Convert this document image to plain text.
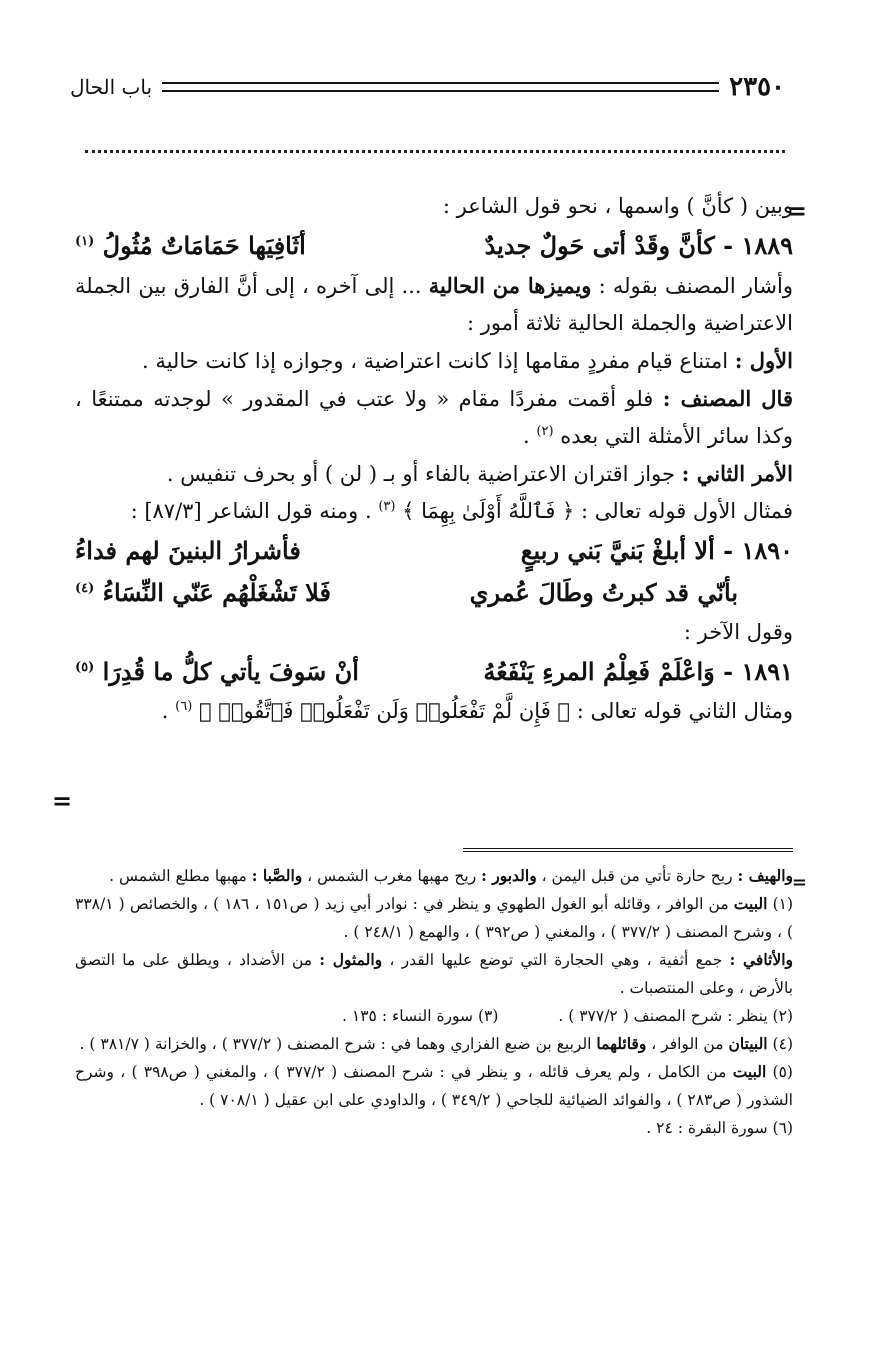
٢٣٥٠
باب الحال
=
=
=

وبين ( كأنَّ ) واسمها ، نحو قول الشاعر :

١٨٨٩ - كأنَّ وقَدْ أتى حَولٌ جديدٌ
أثَافِيَها حَمَامَاتٌ مُثُولُ $^{(١)}$

وأشار المصنف بقوله : ويميزها من الحالية ... إلى آخره ، إلى أنَّ الفارق بين الجملة الاعتراضية والجملة الحالية ثلاثة أمور :

الأول : امتناع قيام مفردٍ مقامها إذا كانت اعتراضية ، وجوازه إذا كانت حالية .

قال المصنف : فلو أقمت مفردًا مقام « ولا عتب في المقدور » لوجدته ممتنعًا ، وكذا سائر الأمثلة التي بعده $^{(٢)}$ .

الأمر الثاني : جواز اقتران الاعتراضية بالفاء أو بـ ( لن ) أو بحرف تنفيس .

فمثال الأول قوله تعالى : ﴿ فَٱللَّهُ أَوْلَىٰ بِهِمَا ﴾ $^{(٣)}$ . ومنه قول الشاعر [٨٧/٣] :

١٨٩٠ - ألا أبلغْ بَنيَّ بَني ربيعٍ
فأشرارُ البنينَ لهم فداءُ
بأنّي قد كبرتُ وطَالَ عُمري
فَلا تَشْغَلْهُم عَنّي النِّسَاءُ $^{(٤)}$

وقول الآخر :

١٨٩١ - وَاعْلَمْ فَعِلْمُ المرءِ يَنْفَعُهُ
أنْ سَوفَ يأتي كلُّ ما قُدِرَا $^{(٥)}$

ومثال الثاني قوله تعالى : ﴿ فَإِن لَّمْ تَفْعَلُوا۟ وَلَن تَفْعَلُوا۟ فَٱتَّقُوا۟ ﴾ $^{(٦)}$ .

والهيف : ريح حارة تأتي من قبل اليمن ، والدبور : ريح مهبها مغرب الشمس ، والصَّبا : مهبها مطلع الشمس .

(١) البيت من الوافر ، وقائله أبو الغول الطهوي و ينظر في : نوادر أبي زيد ( ص١٥١ ، ١٨٦ ) ، والخصائص ( ٣٣٨/١ ) ، وشرح المصنف ( ٣٧٧/٢ ) ، والمغني ( ص٣٩٢ ) ، والهمع ( ٢٤٨/١ ) .

والأثافي : جمع أثفية ، وهي الحجارة التي توضع عليها القدر ، والمثول : من الأضداد ، ويطلق على ما التصق بالأرض ، وعلى المنتصبات .

(٢) ينظر : شرح المصنف ( ٣٧٧/٢ ) .
(٣) سورة النساء : ١٣٥ .

(٤) البيتان من الوافر ، وقائلهما الربيع بن ضبع الفزاري وهما في : شرح المصنف ( ٣٧٧/٢ ) ، والخزانة ( ٣٨١/٧ ) .

(٥) البيت من الكامل ، ولم يعرف قائله ، و ينظر في : شرح المصنف ( ٣٧٧/٢ ) ، والمغني ( ص٣٩٨ ) ، وشرح الشذور ( ص٢٨٣ ) ، والفوائد الضيائية للجاحي ( ٣٤٩/٢ ) ، والداودي على ابن عقيل ( ٧٠٨/١ ) .

(٦) سورة البقرة : ٢٤ .
